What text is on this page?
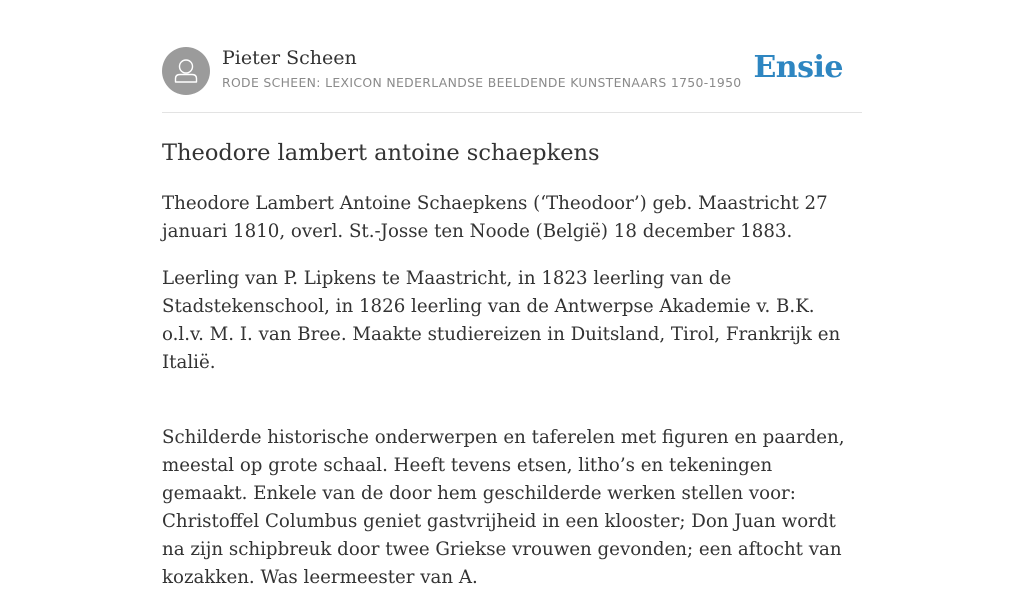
Pieter Scheen
RODE SCHEEN: LEXICON NEDERLANDSE BEELDENDE KUNSTENAARS 1750-1950 Ensie
Theodore lambert antoine schaepkens

Theodore Lambert Antoine Schaepkens (‘Theodoor’) geb. Maastricht 27 januari 1810, overl. St.-Josse ten Noode (België) 18 december 1883.

Leerling van P. Lipkens te Maastricht, in 1823 leerling van de Stadstekenschool, in 1826 leerling van de Antwerpse Akademie v. B.K. o.l.v. M. I. van Bree. Maakte studiereizen in Duitsland, Tirol, Frankrijk en Italië.

Schilderde historische onderwerpen en taferelen met figuren en paarden, meestal op grote schaal. Heeft tevens etsen, litho’s en tekeningen gemaakt. Enkele van de door hem geschilderde werken stellen voor: Christoffel Columbus geniet gastvrijheid in een klooster; Don Juan wordt na zijn schipbreuk door twee Griekse vrouwen gevonden; een aftocht van kozakken. Was leermeester van A.
